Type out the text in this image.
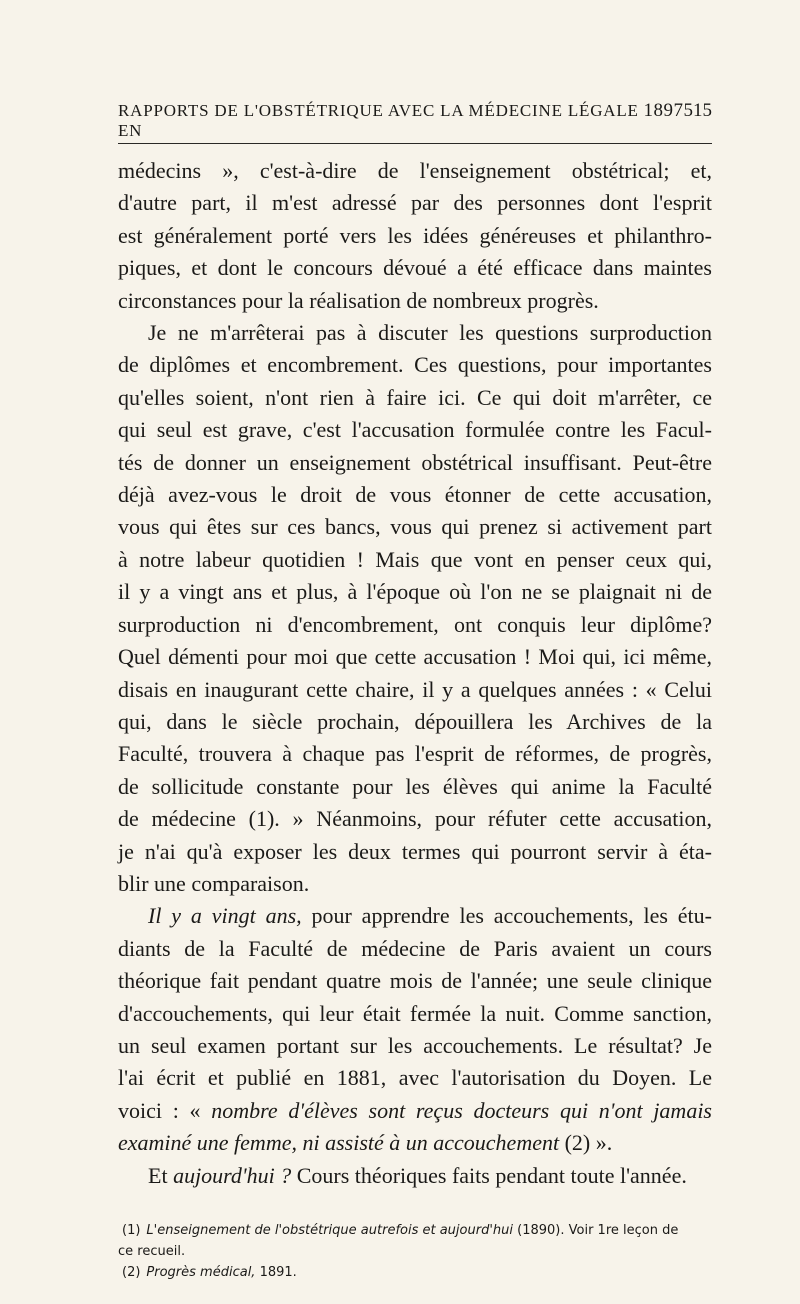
RAPPORTS DE L'OBSTÉTRIQUE AVEC LA MÉDECINE LÉGALE EN
1897 515

médecins », c'est-à-dire de l'enseignement obstétrical; et,

d'autre part, il m'est adressé par des personnes dont l'esprit

est généralement porté vers les idées généreuses et philanthro-

piques, et dont le concours dévoué a été efficace dans maintes

circonstances pour la réalisation de nombreux progrès.

Je ne m'arrêterai pas à discuter les questions surproduction

de diplômes et encombrement. Ces questions, pour importantes

qu'elles soient, n'ont rien à faire ici. Ce qui doit m'arrêter, ce

qui seul est grave, c'est l'accusation formulée contre les Facul-

tés de donner un enseignement obstétrical insuffisant. Peut-être

déjà avez-vous le droit de vous étonner de cette accusation,

vous qui êtes sur ces bancs, vous qui prenez si activement part

à notre labeur quotidien ! Mais que vont en penser ceux qui,

il y a vingt ans et plus, à l'époque où l'on ne se plaignait ni de

surproduction ni d'encombrement, ont conquis leur diplôme?

Quel démenti pour moi que cette accusation ! Moi qui, ici même,

disais en inaugurant cette chaire, il y a quelques années : « Celui

qui, dans le siècle prochain, dépouillera les Archives de la

Faculté, trouvera à chaque pas l'esprit de réformes, de progrès,

de sollicitude constante pour les élèves qui anime la Faculté

de médecine (1). » Néanmoins, pour réfuter cette accusation,

je n'ai qu'à exposer les deux termes qui pourront servir à éta-

blir une comparaison.

Il y a vingt ans, pour apprendre les accouchements, les étu-

diants de la Faculté de médecine de Paris avaient un cours

théorique fait pendant quatre mois de l'année; une seule clinique

d'accouchements, qui leur était fermée la nuit. Comme sanction,

un seul examen portant sur les accouchements. Le résultat? Je

l'ai écrit et publié en 1881, avec l'autorisation du Doyen. Le

voici : « nombre d'élèves sont reçus docteurs qui n'ont jamais

examiné une femme, ni assisté à un accouchement (2) ».

Et aujourd'hui ? Cours théoriques faits pendant toute l'année.

(1) L'enseignement de l'obstétrique autrefois et aujourd'hui (1890). Voir 1re leçon de

ce recueil.

(2) Progrès médical, 1891.
